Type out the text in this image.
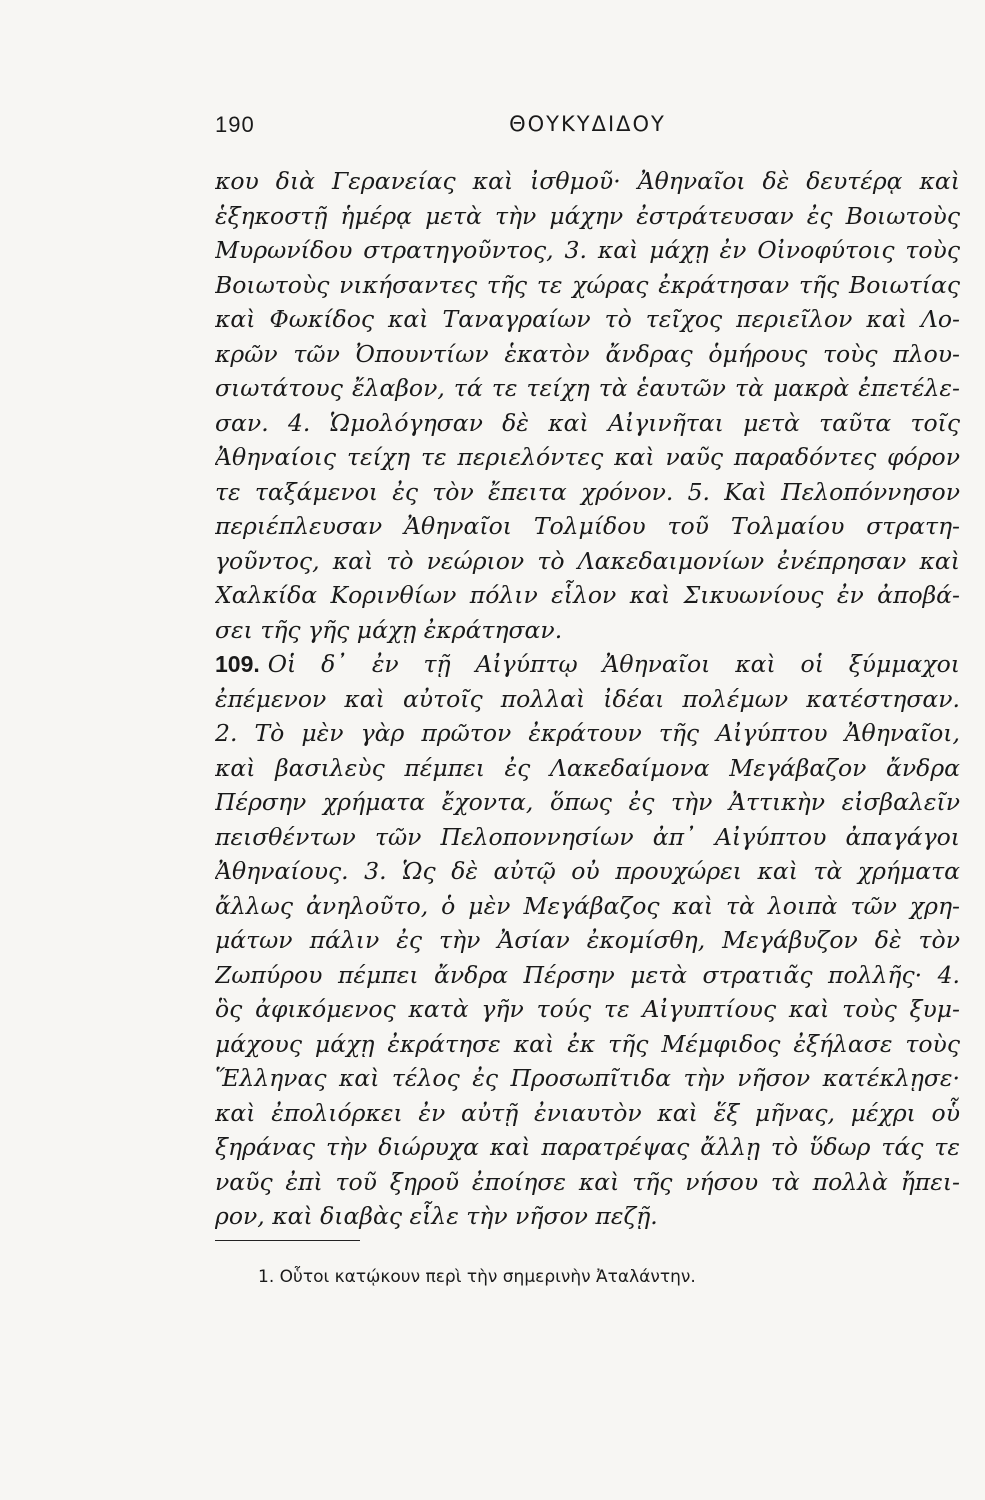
190	ΘΟΥΚΥΔΙΔΟΥ
κου διὰ Γερανείας καὶ ἰσθμοῦ· Ἀθηναῖοι δὲ δευτέρᾳ καὶ
ἑξηκοστῇ ἡμέρᾳ μετὰ τὴν μάχην ἐστράτευσαν ἐς Βοιωτοὺς
Μυρωνίδου στρατηγοῦντος, 3. καὶ μάχῃ ἐν Οἰνοφύτοις τοὺς
Βοιωτοὺς νικήσαντες τῆς τε χώρας ἐκράτησαν τῆς Βοιωτίας
καὶ Φωκίδος καὶ Ταναγραίων τὸ τεῖχος περιεῖλον καὶ Λο-
κρῶν τῶν Ὀπουντίων ἑκατὸν ἄνδρας ὁμήρους τοὺς πλου-
σιωτάτους ἔλαβον, τά τε τείχη τὰ ἑαυτῶν τὰ μακρὰ ἐπετέλε-
σαν. 4. Ὡμολόγησαν δὲ καὶ Αἰγινῆται μετὰ ταῦτα τοῖς
Ἀθηναίοις τείχη τε περιελόντες καὶ ναῦς παραδόντες φόρον
τε ταξάμενοι ἐς τὸν ἔπειτα χρόνον. 5. Καὶ Πελοπόννησον
περιέπλευσαν Ἀθηναῖοι Τολμίδου τοῦ Τολμαίου στρατη-
γοῦντος, καὶ τὸ νεώριον τὸ Λακεδαιμονίων ἐνέπρησαν καὶ
Χαλκίδα Κορινθίων πόλιν εἷλον καὶ Σικυωνίους ἐν ἀποβά-
σει τῆς γῆς μάχῃ ἐκράτησαν.
109. Οἱ δ᾽ ἐν τῇ Αἰγύπτῳ Ἀθηναῖοι καὶ οἱ ξύμμαχοι
ἐπέμενον καὶ αὐτοῖς πολλαὶ ἰδέαι πολέμων κατέστησαν.
2. Τὸ μὲν γὰρ πρῶτον ἐκράτουν τῆς Αἰγύπτου Ἀθηναῖοι,
καὶ βασιλεὺς πέμπει ἐς Λακεδαίμονα Μεγάβαζον ἄνδρα
Πέρσην χρήματα ἔχοντα, ὅπως ἐς τὴν Ἀττικὴν εἰσβαλεῖν
πεισθέντων τῶν Πελοποννησίων ἀπ᾽ Αἰγύπτου ἀπαγάγοι
Ἀθηναίους. 3. Ὡς δὲ αὐτῷ οὐ προυχώρει καὶ τὰ χρήματα
ἄλλως ἀνηλοῦτο, ὁ μὲν Μεγάβαζος καὶ τὰ λοιπὰ τῶν χρη-
μάτων πάλιν ἐς τὴν Ἀσίαν ἐκομίσθη, Μεγάβυζον δὲ τὸν
Ζωπύρου πέμπει ἄνδρα Πέρσην μετὰ στρατιᾶς πολλῆς· 4.
ὃς ἀφικόμενος κατὰ γῆν τούς τε Αἰγυπτίους καὶ τοὺς ξυμ-
μάχους μάχῃ ἐκράτησε καὶ ἐκ τῆς Μέμφιδος ἐξήλασε τοὺς
Ἕλληνας καὶ τέλος ἐς Προσωπῖτιδα τὴν νῆσον κατέκλῃσε·
καὶ ἐπολιόρκει ἐν αὐτῇ ἐνιαυτὸν καὶ ἕξ μῆνας, μέχρι οὗ
ξηράνας τὴν διώρυχα καὶ παρατρέψας ἄλλῃ τὸ ὕδωρ τάς τε
ναῦς ἐπὶ τοῦ ξηροῦ ἐποίησε καὶ τῆς νήσου τὰ πολλὰ ἤπει-
ρον, καὶ διαβὰς εἷλε τὴν νῆσον πεζῇ.
1. Οὗτοι κατῴκουν περὶ τὴν σημερινὴν Ἀταλάντην.
